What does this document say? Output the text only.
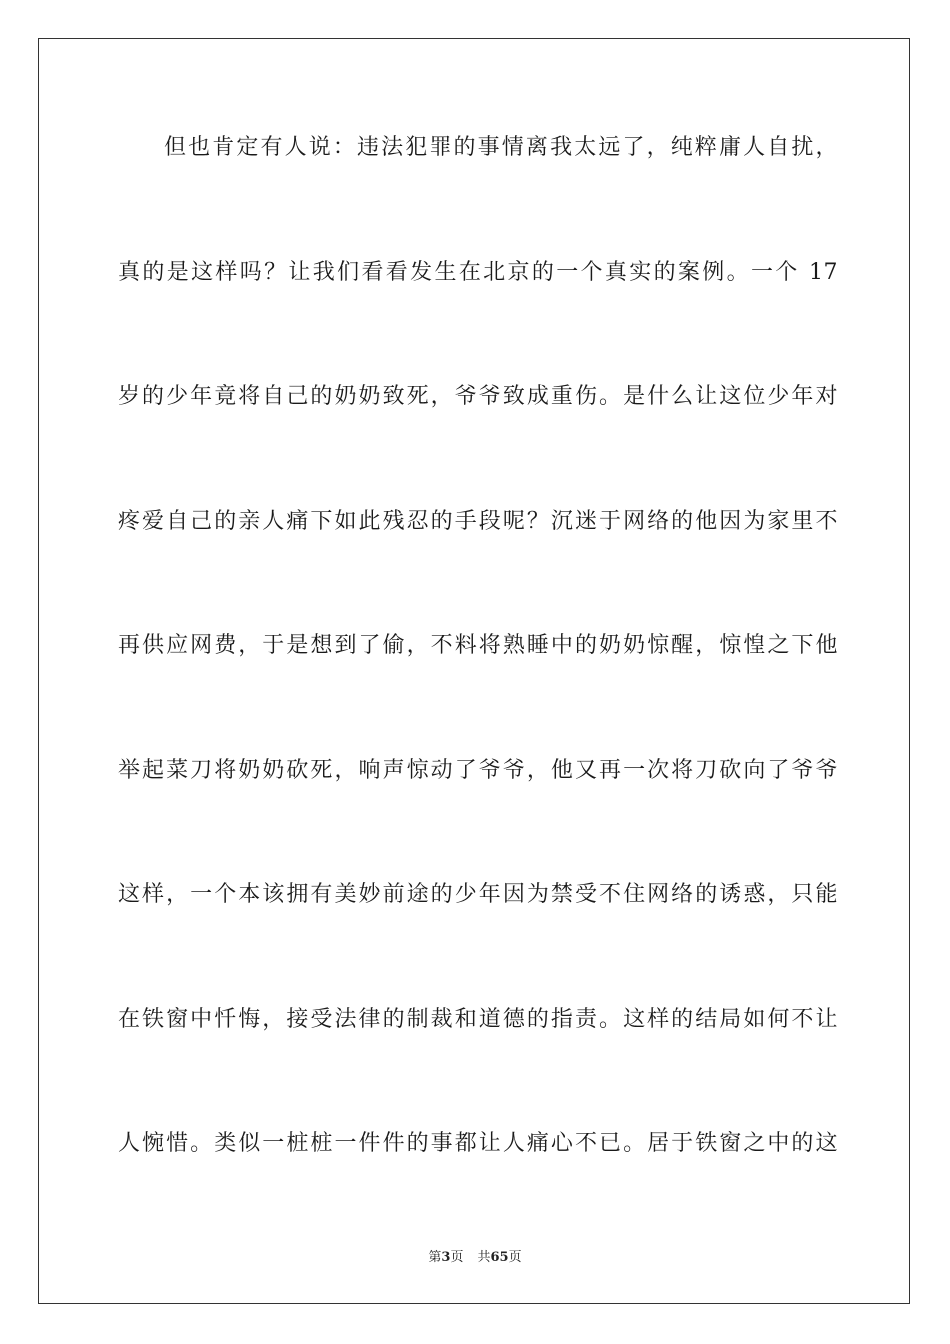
但也肯定有人说：违法犯罪的事情离我太远了，纯粹庸人自扰，
真的是这样吗？让我们看看发生在北京的一个真实的案例。一个 17
岁的少年竟将自己的奶奶致死，爷爷致成重伤。是什么让这位少年对
疼爱自己的亲人痛下如此残忍的手段呢？沉迷于网络的他因为家里不
再供应网费，于是想到了偷，不料将熟睡中的奶奶惊醒，惊惶之下他
举起菜刀将奶奶砍死，响声惊动了爷爷，他又再一次将刀砍向了爷爷
这样，一个本该拥有美妙前途的少年因为禁受不住网络的诱惑，只能
在铁窗中忏悔，接受法律的制裁和道德的指责。这样的结局如何不让
人惋惜。类似一桩桩一件件的事都让人痛心不已。居于铁窗之中的这
第3页 共65页
